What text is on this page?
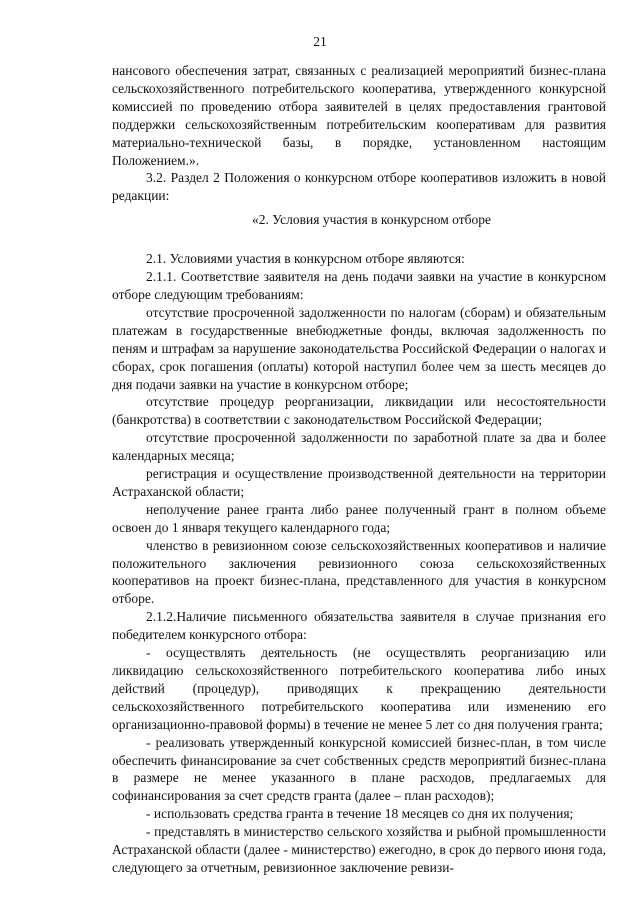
21

нансового обеспечения затрат, связанных с реализацией мероприятий бизнес-плана сельскохозяйственного потребительского кооператива, утвержденного конкурсной комиссией по проведению отбора заявителей в целях предоставления грантовой поддержки сельскохозяйственным потребительским кооперативам для развития материально-технической базы, в порядке, установленном настоящим Положением.».

3.2. Раздел 2 Положения о конкурсном отборе кооперативов изложить в новой редакции:

«2. Условия участия в конкурсном отборе

2.1. Условиями участия в конкурсном отборе являются:

2.1.1. Соответствие заявителя на день подачи заявки на участие в конкурсном отборе следующим требованиям:

отсутствие просроченной задолженности по налогам (сборам) и обязательным платежам в государственные внебюджетные фонды, включая задолженность по пеням и штрафам за нарушение законодательства Российской Федерации о налогах и сборах, срок погашения (оплаты) которой наступил более чем за шесть месяцев до дня подачи заявки на участие в конкурсном отборе;

отсутствие процедур реорганизации, ликвидации или несостоятельности (банкротства) в соответствии с законодательством Российской Федерации;

отсутствие просроченной задолженности по заработной плате за два и более календарных месяца;

регистрация и осуществление производственной деятельности на территории Астраханской области;

неполучение ранее гранта либо ранее полученный грант в полном объеме освоен до 1 января текущего календарного года;

членство в ревизионном союзе сельскохозяйственных кооперативов и наличие положительного заключения ревизионного союза сельскохозяйственных кооперативов на проект бизнес-плана, представленного для участия в конкурсном отборе.

2.1.2.Наличие письменного обязательства заявителя в случае признания его победителем конкурсного отбора:

- осуществлять деятельность (не осуществлять реорганизацию или ликвидацию сельскохозяйственного потребительского кооператива либо иных действий (процедур), приводящих к прекращению деятельности сельскохозяйственного потребительского кооператива или изменению его организационно-правовой формы) в течение не менее 5 лет со дня получения гранта;

- реализовать утвержденный конкурсной комиссией бизнес-план, в том числе обеспечить финансирование за счет собственных средств мероприятий бизнес-плана в размере не менее указанного в плане расходов, предлагаемых для софинансирования за счет средств гранта (далее – план расходов);

- использовать средства гранта в течение 18 месяцев со дня их получения;

- представлять в министерство сельского хозяйства и рыбной промышленности Астраханской области (далее - министерство) ежегодно, в срок до первого июня года, следующего за отчетным, ревизионное заключение ревизи-
